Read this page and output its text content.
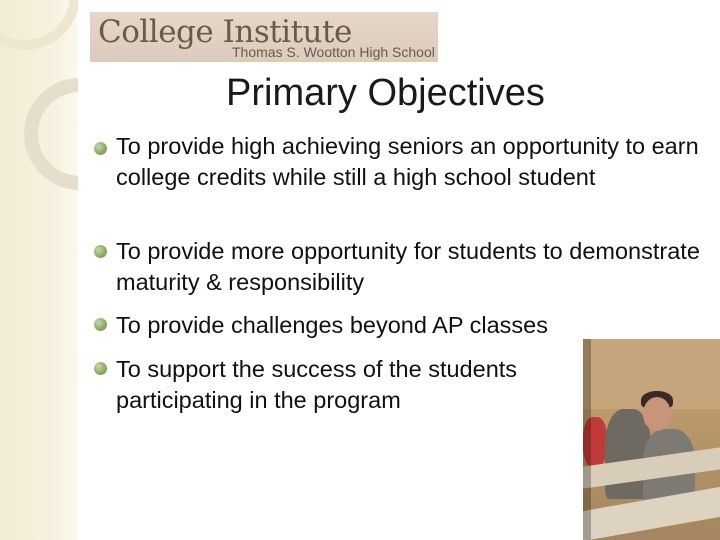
College Institute
Thomas S. Wootton High School
Primary Objectives
To provide high achieving seniors an opportunity to earn college credits while still a high school student
To provide more opportunity for students to demonstrate maturity & responsibility
To provide challenges beyond AP classes
To support the success of the students participating in the program
